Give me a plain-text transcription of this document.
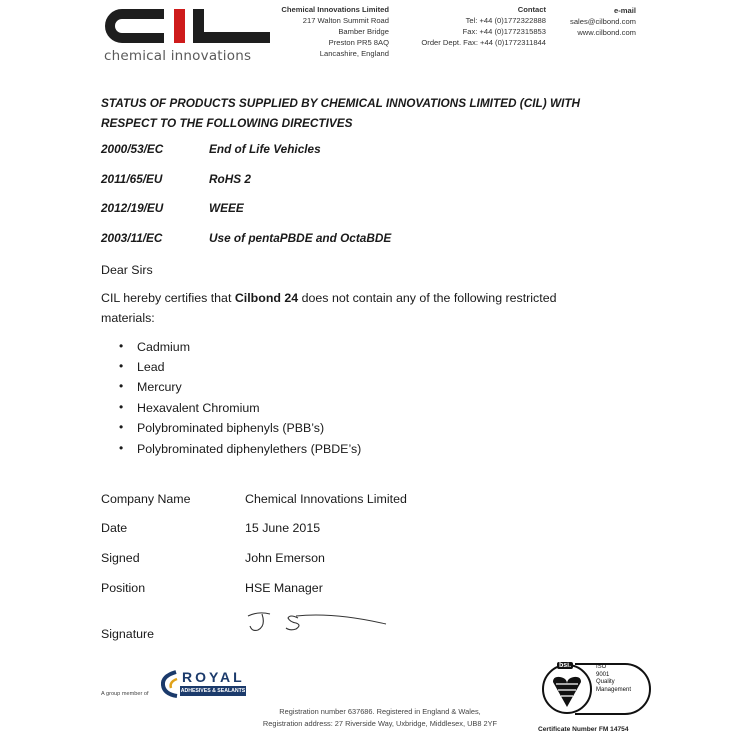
chemical innovations
Chemical Innovations Limited
217 Walton Summit Road
Bamber Bridge
Preston PR5 8AQ
Lancashire, England
Contact
Tel: +44 (0)1772322888
Fax: +44 (0)1772315853
Order Dept. Fax: +44 (0)1772311844
e-mail
sales@cilbond.com
www.cilbond.com
STATUS OF PRODUCTS SUPPLIED BY CHEMICAL INNOVATIONS LIMITED (CIL) WITH RESPECT TO THE FOLLOWING DIRECTIVES
2000/53/EC	End of Life Vehicles
2011/65/EU	RoHS 2
2012/19/EU	WEEE
2003/11/EC	Use of pentaPBDE and OctaBDE
Dear Sirs
CIL hereby certifies that Cilbond 24 does not contain any of the following restricted materials:
• Cadmium
• Lead
• Mercury
• Hexavalent Chromium
• Polybrominated biphenyls (PBB’s)
• Polybrominated diphenylethers (PBDE’s)
Company Name	Chemical Innovations Limited
Date	15 June 2015
Signed	John Emerson
Position	HSE Manager
Signature
A group member of
ROYAL
ADHESIVES & SEALANTS
Registration number 637686. Registered in England & Wales,
Registration address: 27 Riverside Way, Uxbridge, Middlesex, UB8 2YF
bsi.	ISO
9001
Quality
Management
Certificate Number FM 14754
